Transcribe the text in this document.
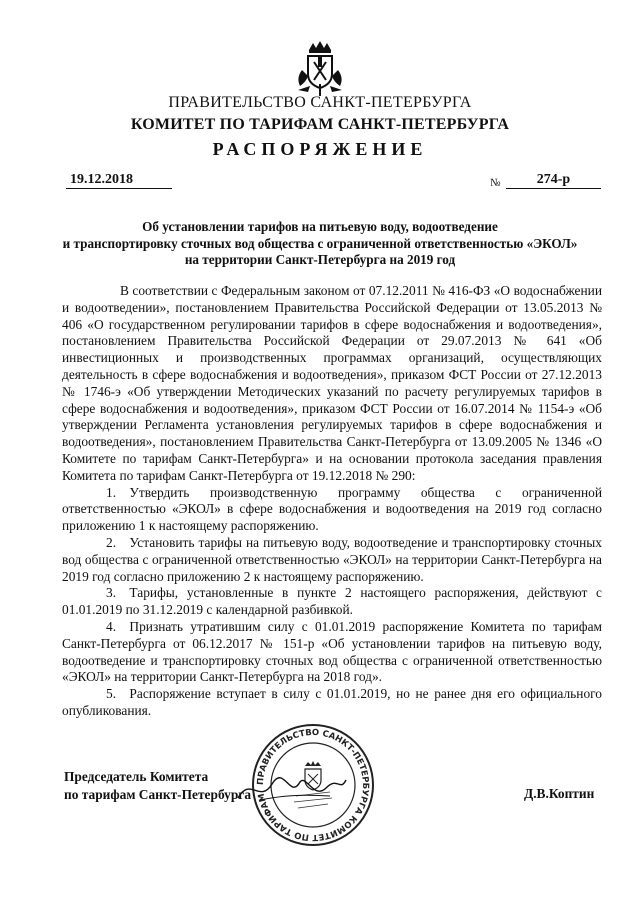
ПРАВИТЕЛЬСТВО САНКТ-ПЕТЕРБУРГА
КОМИТЕТ ПО ТАРИФАМ САНКТ-ПЕТЕРБУРГА
РАСПОРЯЖЕНИЕ
19.12.2018	№	274-р
Об установлении тарифов на питьевую воду, водоотведение
и транспортировку сточных вод общества с ограниченной ответственностью «ЭКОЛ»
на территории Санкт-Петербурга на 2019 год

В соответствии с Федеральным законом от 07.12.2011 № 416-ФЗ «О водоснабжении и водоотведении», постановлением Правительства Российской Федерации от 13.05.2013 № 406 «О государственном регулировании тарифов в сфере водоснабжения и водоотведения», постановлением Правительства Российской Федерации от 29.07.2013 № 641 «Об инвестиционных и производственных программах организаций, осуществляющих деятельность в сфере водоснабжения и водоотведения», приказом ФСТ России от 27.12.2013 № 1746-э «Об утверждении Методических указаний по расчету регулируемых тарифов в сфере водоснабжения и водоотведения», приказом ФСТ России от 16.07.2014 № 1154-э «Об утверждении Регламента установления регулируемых тарифов в сфере водоснабжения и водоотведения», постановлением Правительства Санкт-Петербурга от 13.09.2005 № 1346 «О Комитете по тарифам Санкт-Петербурга» и на основании протокола заседания правления Комитета по тарифам Санкт-Петербурга от 19.12.2018 № 290:

1. Утвердить производственную программу общества с ограниченной ответственностью «ЭКОЛ» в сфере водоснабжения и водоотведения на 2019 год согласно приложению 1 к настоящему распоряжению.

2. Установить тарифы на питьевую воду, водоотведение и транспортировку сточных вод общества с ограниченной ответственностью «ЭКОЛ» на территории Санкт-Петербурга на 2019 год согласно приложению 2 к настоящему распоряжению.

3. Тарифы, установленные в пункте 2 настоящего распоряжения, действуют с 01.01.2019 по 31.12.2019 с календарной разбивкой.

4. Признать утратившим силу с 01.01.2019 распоряжение Комитета по тарифам Санкт-Петербурга от 06.12.2017 № 151-р «Об установлении тарифов на питьевую воду, водоотведение и транспортировку сточных вод общества с ограниченной ответственностью «ЭКОЛ» на территории Санкт-Петербурга на 2018 год».

5. Распоряжение вступает в силу с 01.01.2019, но не ранее дня его официального опубликования.

ПРАВИТЕЛЬСТВО САНКТ-ПЕТЕРБУРГА КОМИТЕТ ПО ТАРИФАМ
Председатель Комитета
по тарифам Санкт-Петербурга	Д.В.Коптин
